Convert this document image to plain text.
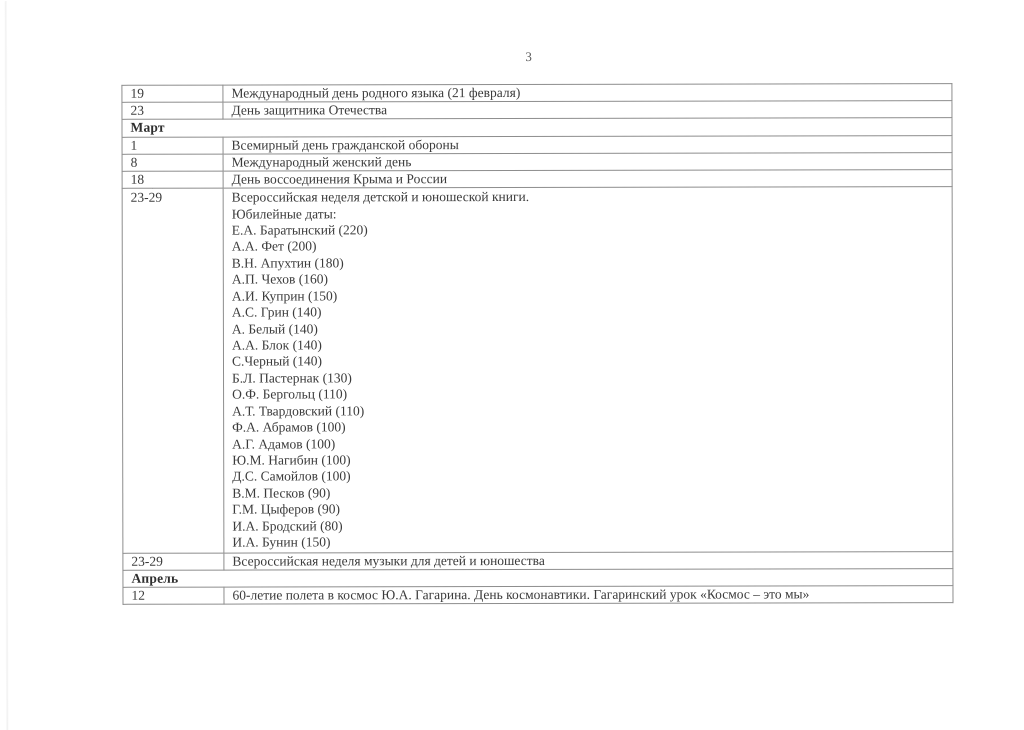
3
19	Международный день родного языка (21 февраля)
23	День защитника Отечества
Март	
1	Всемирный день гражданской обороны
8	Международный женский день
18	День воссоединения Крыма и России
23-29	Всероссийская неделя детской и юношеской книги.
Юбилейные даты:
Е.А. Баратынский (220)
А.А. Фет (200)
В.Н. Апухтин (180)
А.П. Чехов (160)
А.И. Куприн (150)
А.С. Грин (140)
А. Белый (140)
А.А. Блок (140)
С.Черный (140)
Б.Л. Пастернак (130)
О.Ф. Бергольц (110)
А.Т. Твардовский (110)
Ф.А. Абрамов (100)
А.Г. Адамов (100)
Ю.М. Нагибин (100)
Д.С. Самойлов (100)
В.М. Песков (90)
Г.М. Цыферов (90)
И.А. Бродский (80)
И.А. Бунин (150)
23-29	Всероссийская неделя музыки для детей и юношества
Апрель	
12	60-летие полета в космос Ю.А. Гагарина. День космонавтики. Гагаринский урок «Космос – это мы»
